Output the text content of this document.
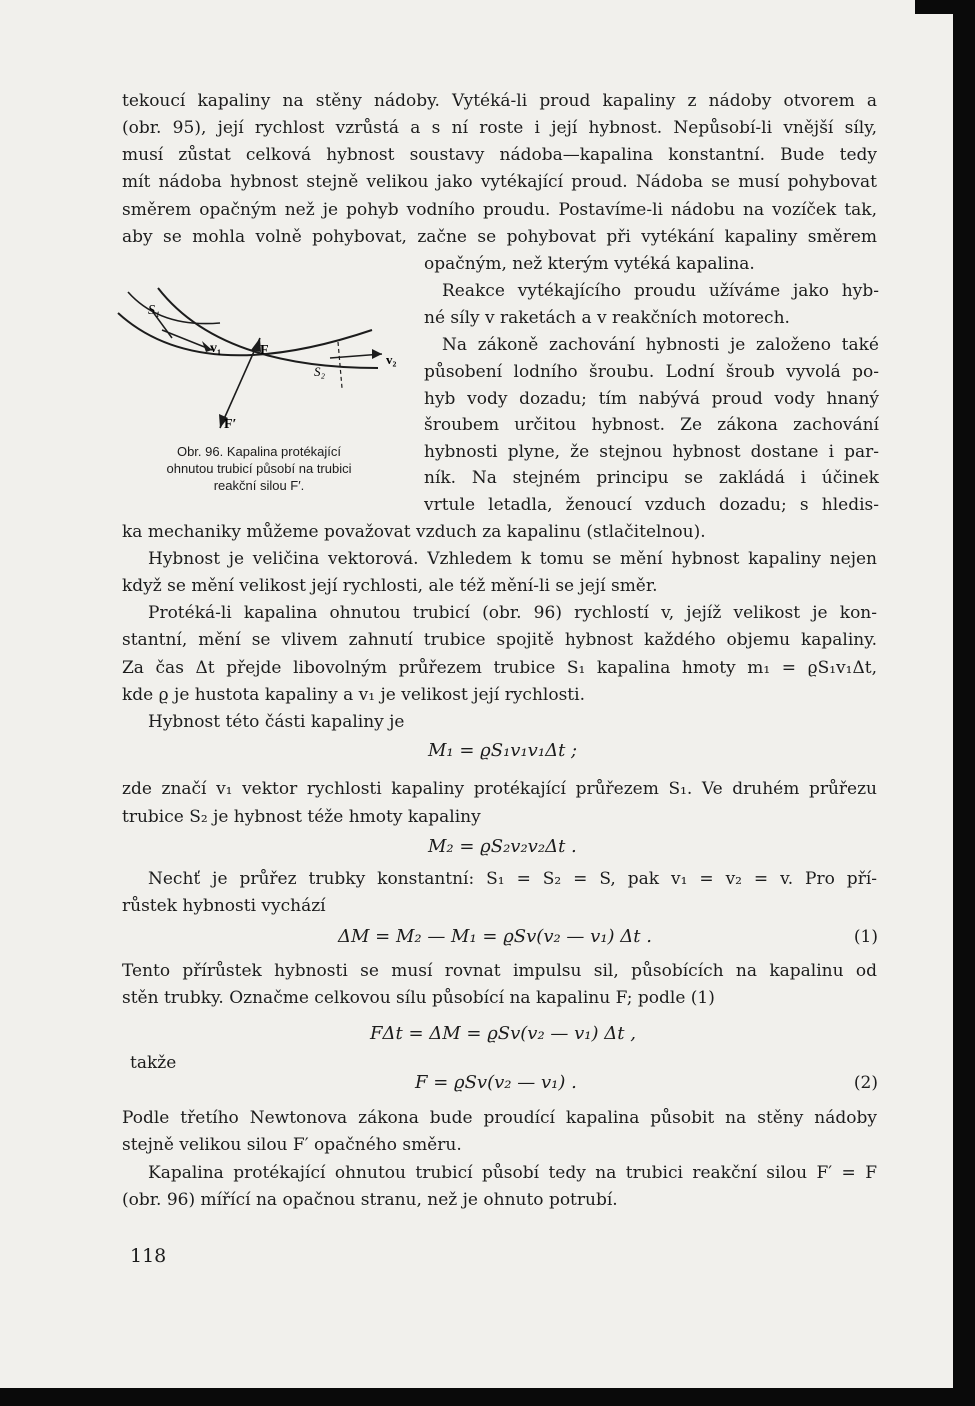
tekoucí kapaliny na stěny nádoby. Vytéká-li proud kapaliny z nádoby otvorem a
(obr. 95), její rychlost vzrůstá a s ní roste i její hybnost. Nepůsobí-li vnější síly,
musí zůstat celková hybnost soustavy nádoba—kapalina konstantní. Bude tedy
mít nádoba hybnost stejně velikou jako vytékající proud. Nádoba se musí pohybovat
směrem opačným než je pohyb vodního proudu. Postavíme-li nádobu na vozíček tak,
aby se mohla volně pohybovat, začne se pohybovat při vytékání kapaliny směrem
opačným, než kterým vytéká kapalina.
Reakce vytékajícího proudu užíváme jako hyb-
né síly v raketách a v reakčních motorech.
Na zákoně zachování hybnosti je založeno také
působení lodního šroubu. Lodní šroub vyvolá po-
hyb vody dozadu; tím nabývá proud vody hnaný
šroubem určitou hybnost. Ze zákona zachování
hybnosti plyne, že stejnou hybnost dostane i par-
ník. Na stejném principu se zakládá i účinek
vrtule letadla, ženoucí vzduch dozadu; s hledis-
S₁
v₁	F
S₂
v₂
F′
Obr. 96. Kapalina protékající
ohnutou trubicí působí na trubici
reakční silou F′.
ka mechaniky můžeme považovat vzduch za kapalinu (stlačitelnou).
Hybnost je veličina vektorová. Vzhledem k tomu se mění hybnost kapaliny nejen
když se mění velikost její rychlosti, ale též mění-li se její směr.
Protéká-li kapalina ohnutou trubicí (obr. 96) rychlostí v, jejíž velikost je kon-
stantní, mění se vlivem zahnutí trubice spojitě hybnost každého objemu kapaliny.
Za čas Δt přejde libovolným průřezem trubice S₁ kapalina hmoty m₁ = ϱS₁v₁Δt,
kde ϱ je hustota kapaliny a v₁ je velikost její rychlosti.
Hybnost této části kapaliny je
M₁ = ϱS₁v₁v₁Δt ;
zde značí v₁ vektor rychlosti kapaliny protékající průřezem S₁. Ve druhém průřezu
trubice S₂ je hybnost téže hmoty kapaliny
M₂ = ϱS₂v₂v₂Δt .
Nechť je průřez trubky konstantní: S₁ = S₂ = S, pak v₁ = v₂ = v. Pro pří-
růstek hybnosti vychází
ΔM = M₂ — M₁ = ϱSv(v₂ — v₁) Δt .	(1)
Tento přírůstek hybnosti se musí rovnat impulsu sil, působících na kapalinu od
stěn trubky. Označme celkovou sílu působící na kapalinu F; podle (1)
FΔt = ΔM = ϱSv(v₂ — v₁) Δt ,
takže
F = ϱSv(v₂ — v₁) .	(2)
Podle třetího Newtonova zákona bude proudící kapalina působit na stěny nádoby
stejně velikou silou F′ opačného směru.
Kapalina protékající ohnutou trubicí působí tedy na trubici reakční silou F′ = F
(obr. 96) mířící na opačnou stranu, než je ohnuto potrubí.
118
